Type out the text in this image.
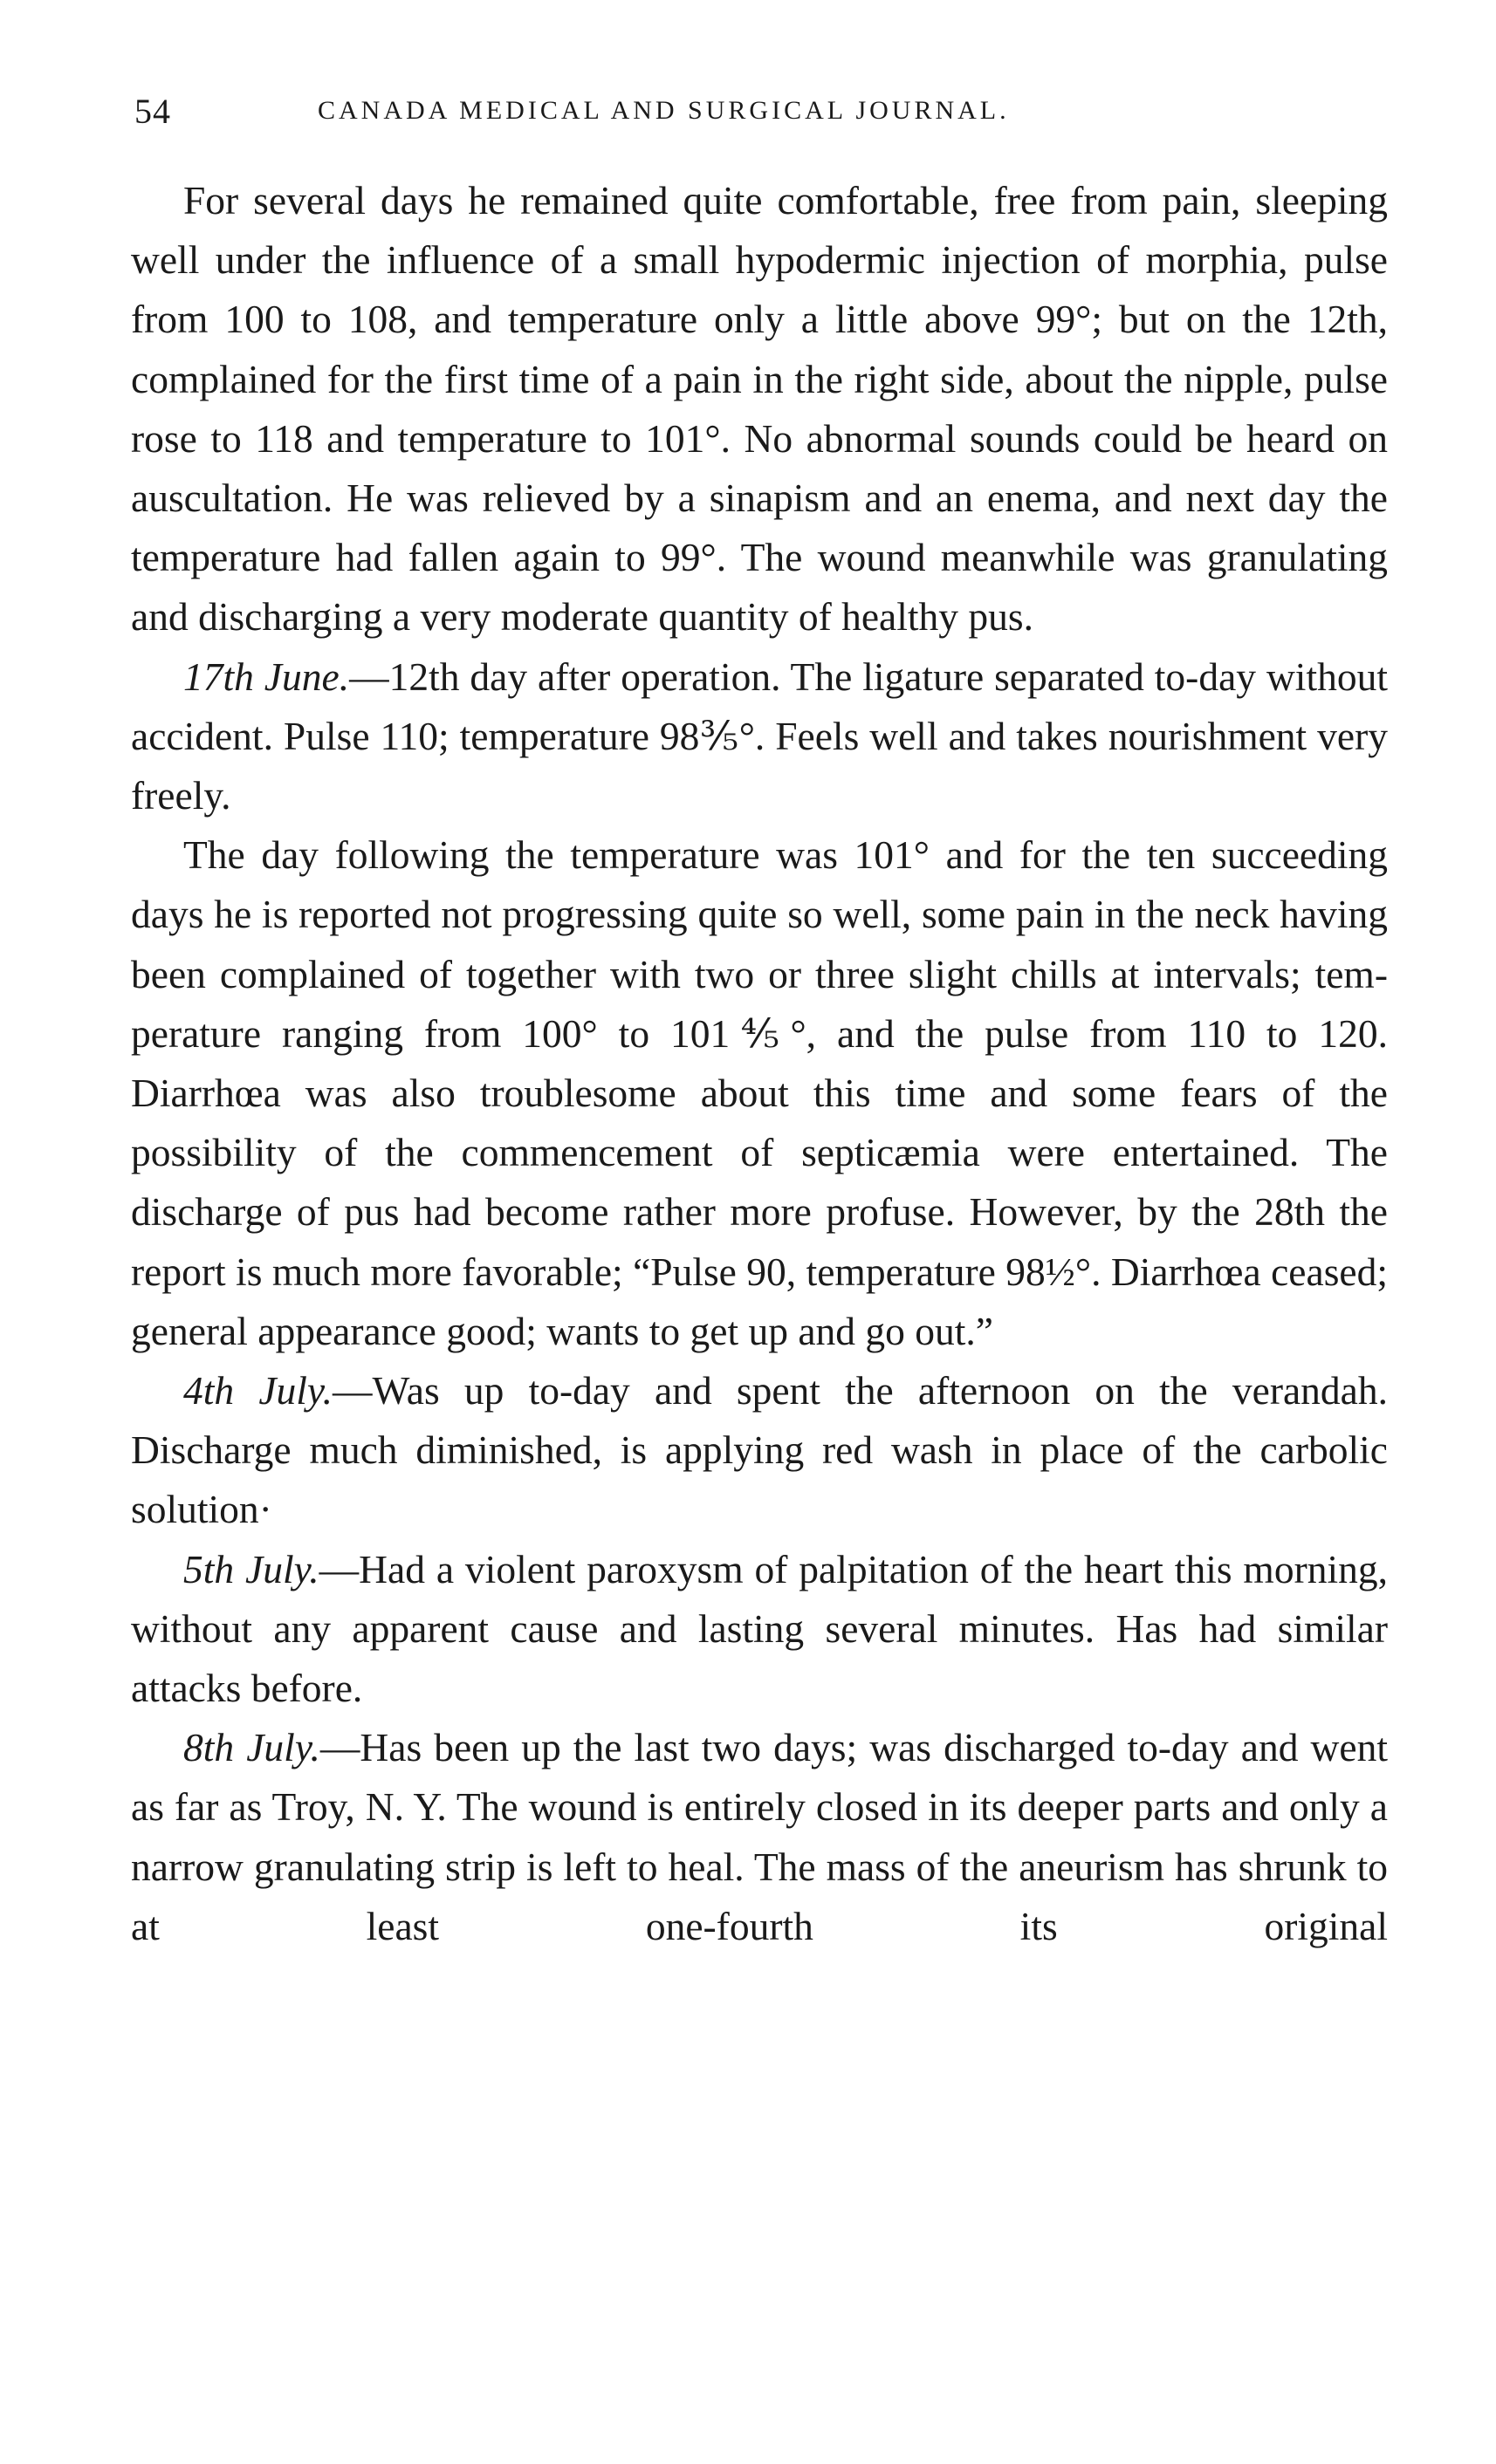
54	CANADA MEDICAL AND SURGICAL JOURNAL.

For several days he remained quite comfortable, free from pain, sleeping well under the influence of a small hypodermic injection of morphia, pulse from 100 to 108, and temperature only a little above 99°; but on the 12th, complained for the first time of a pain in the right side, about the nipple, pulse rose to 118 and temperature to 101°. No abnormal sounds could be heard on auscultation. He was relieved by a sinapism and an enema, and next day the temperature had fallen again to 99°. The wound meanwhile was granulating and discharging a very moderate quantity of healthy pus.

17th June.—12th day after operation. The ligature separated to-day without accident. Pulse 110; temperature 98⅗°. Feels well and takes nourishment very freely.

The day following the temperature was 101° and for the ten succeeding days he is reported not progressing quite so well, some pain in the neck having been complained of together with two or three slight chills at intervals; temperature ranging from 100° to 101⅘°, and the pulse from 110 to 120. Diarrhœa was also troublesome about this time and some fears of the possibility of the commencement of septicæmia were entertained. The discharge of pus had become rather more profuse. However, by the 28th the report is much more favorable; “Pulse 90, temperature 98½°. Diarrhœa ceased; general appearance good; wants to get up and go out.”

4th July.—Was up to-day and spent the afternoon on the verandah. Discharge much diminished, is applying red wash in place of the carbolic solution·

5th July.—Had a violent paroxysm of palpitation of the heart this morning, without any apparent cause and lasting several minutes. Has had similar attacks before.

8th July.—Has been up the last two days; was discharged to-day and went as far as Troy, N. Y. The wound is entirely closed in its deeper parts and only a narrow granulating strip is left to heal. The mass of the aneurism has shrunk to at least one-fourth its original
